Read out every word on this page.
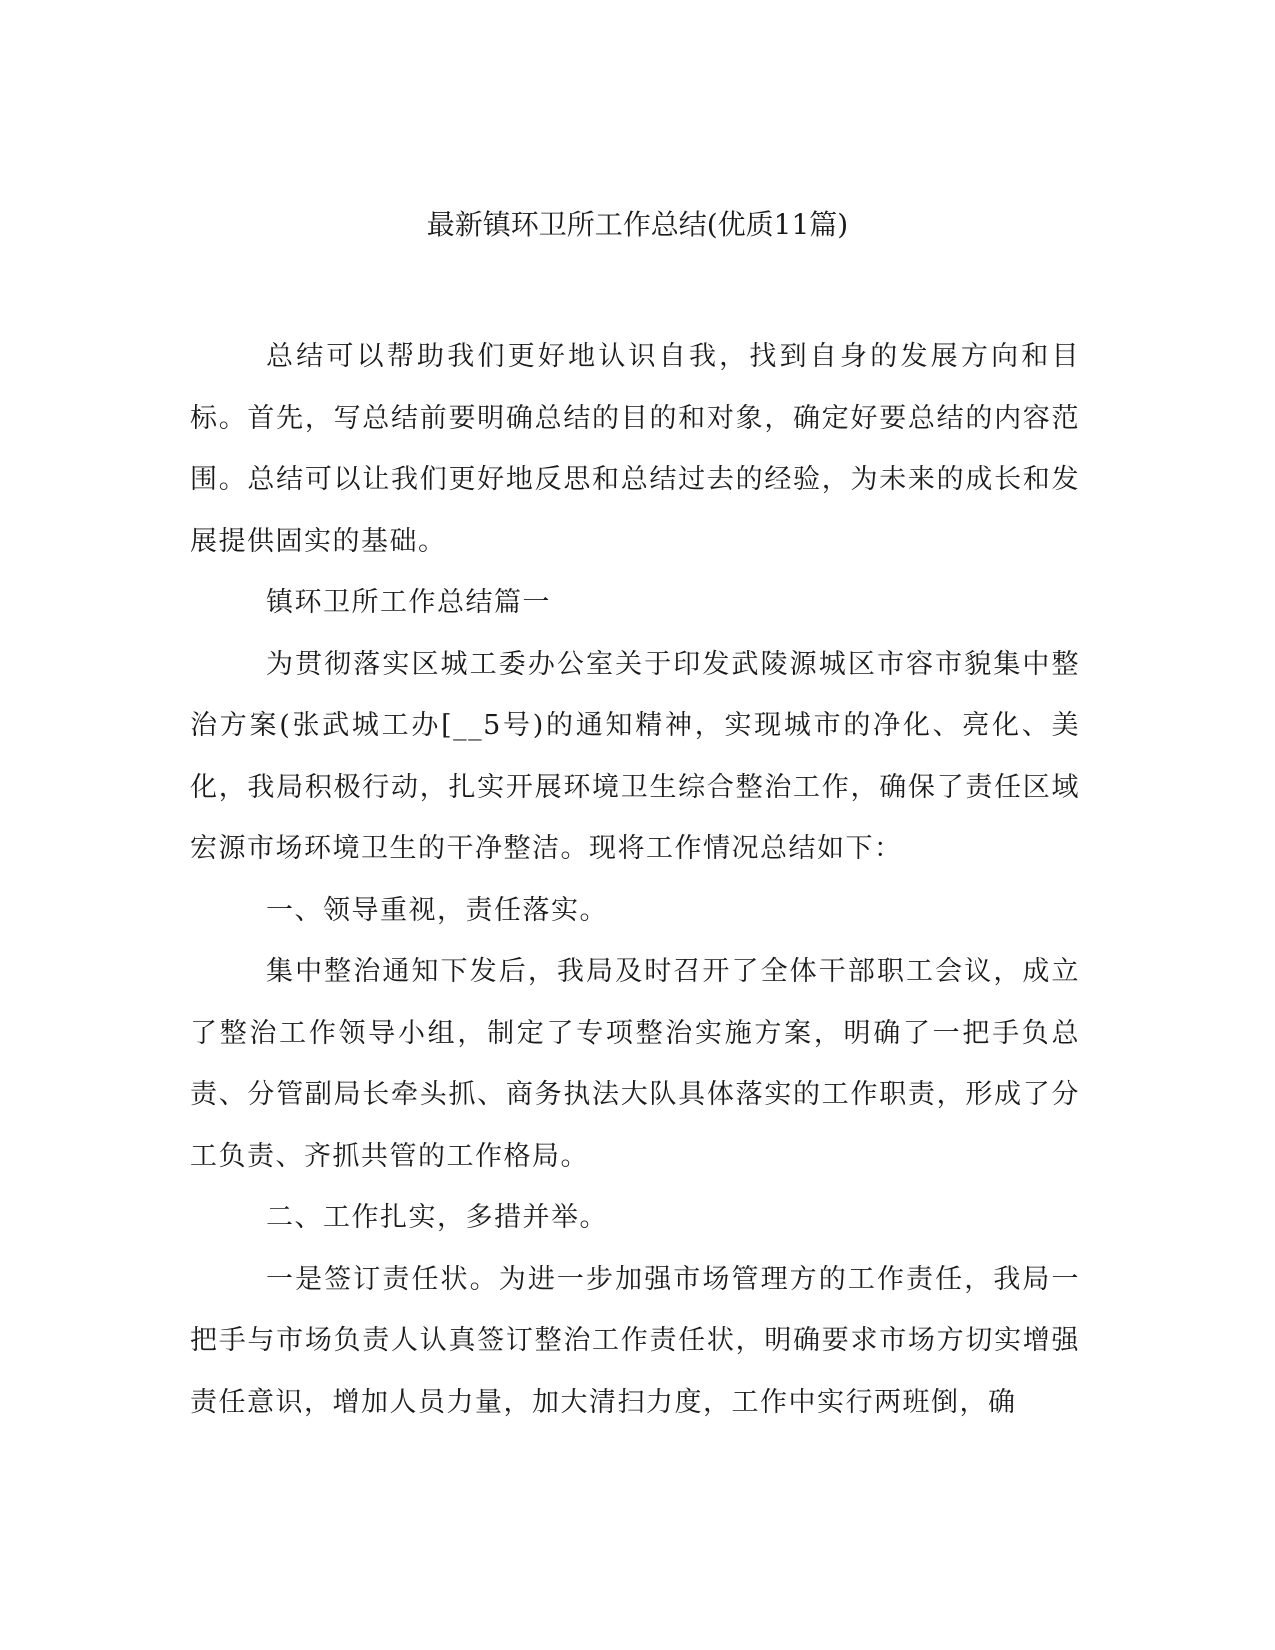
最新镇环卫所工作总结(优质11篇)

总结可以帮助我们更好地认识自我，找到自身的发展方向和目标。首先，写总结前要明确总结的目的和对象，确定好要总结的内容范围。总结可以让我们更好地反思和总结过去的经验，为未来的成长和发展提供固实的基础。

镇环卫所工作总结篇一

为贯彻落实区城工委办公室关于印发武陵源城区市容市貌集中整治方案(张武城工办[__5号)的通知精神，实现城市的净化、亮化、美化，我局积极行动，扎实开展环境卫生综合整治工作，确保了责任区域宏源市场环境卫生的干净整洁。现将工作情况总结如下：

一、领导重视，责任落实。

集中整治通知下发后，我局及时召开了全体干部职工会议，成立了整治工作领导小组，制定了专项整治实施方案，明确了一把手负总责、分管副局长牵头抓、商务执法大队具体落实的工作职责，形成了分工负责、齐抓共管的工作格局。

二、工作扎实，多措并举。

一是签订责任状。为进一步加强市场管理方的工作责任，我局一把手与市场负责人认真签订整治工作责任状，明确要求市场方切实增强责任意识，增加人员力量，加大清扫力度，工作中实行两班倒，确
